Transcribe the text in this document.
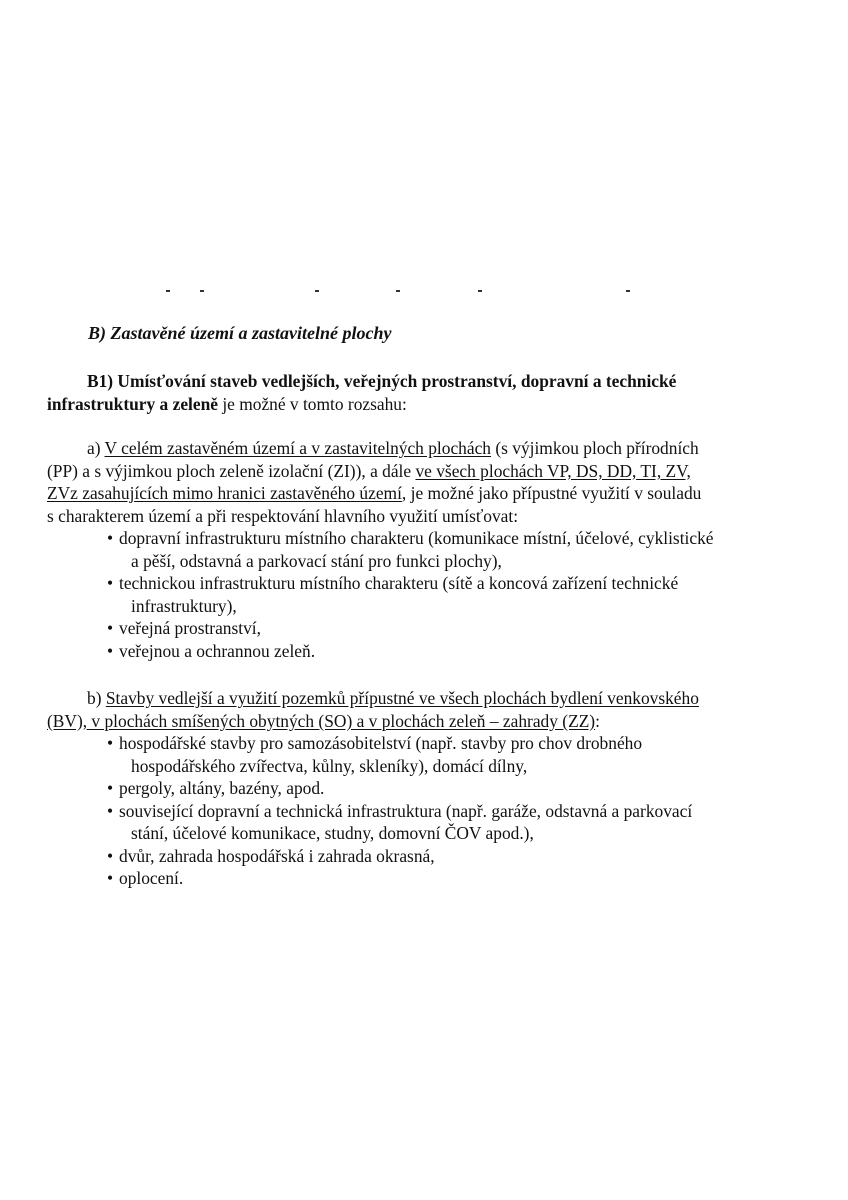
B) Zastavěné území a zastavitelné plochy
B1) Umísťování staveb vedlejších, veřejných prostranství, dopravní a technické
infrastruktury a zeleně je možné v tomto rozsahu:
a) V celém zastavěném území a v zastavitelných plochách (s výjimkou ploch přírodních
(PP) a s výjimkou ploch zeleně izolační (ZI)), a dále ve všech plochách VP, DS, DD, TI, ZV,
ZVz zasahujících mimo hranici zastavěného území, je možné jako přípustné využití v souladu
s charakterem území a při respektování hlavního využití umísťovat:
• dopravní infrastrukturu místního charakteru (komunikace místní, účelové, cyklistické
a pěší, odstavná a parkovací stání pro funkci plochy),
• technickou infrastrukturu místního charakteru (sítě a koncová zařízení technické
infrastruktury),
• veřejná prostranství,
• veřejnou a ochrannou zeleň.
b) Stavby vedlejší a využití pozemků přípustné ve všech plochách bydlení venkovského
(BV), v plochách smíšených obytných (SO) a v plochách zeleň – zahrady (ZZ):
• hospodářské stavby pro samozásobitelství (např. stavby pro chov drobného
hospodářského zvířectva, kůlny, skleníky), domácí dílny,
• pergoly, altány, bazény, apod.
• související dopravní a technická infrastruktura (např. garáže, odstavná a parkovací
stání, účelové komunikace, studny, domovní ČOV apod.),
• dvůr, zahrada hospodářská i zahrada okrasná,
• oplocení.
